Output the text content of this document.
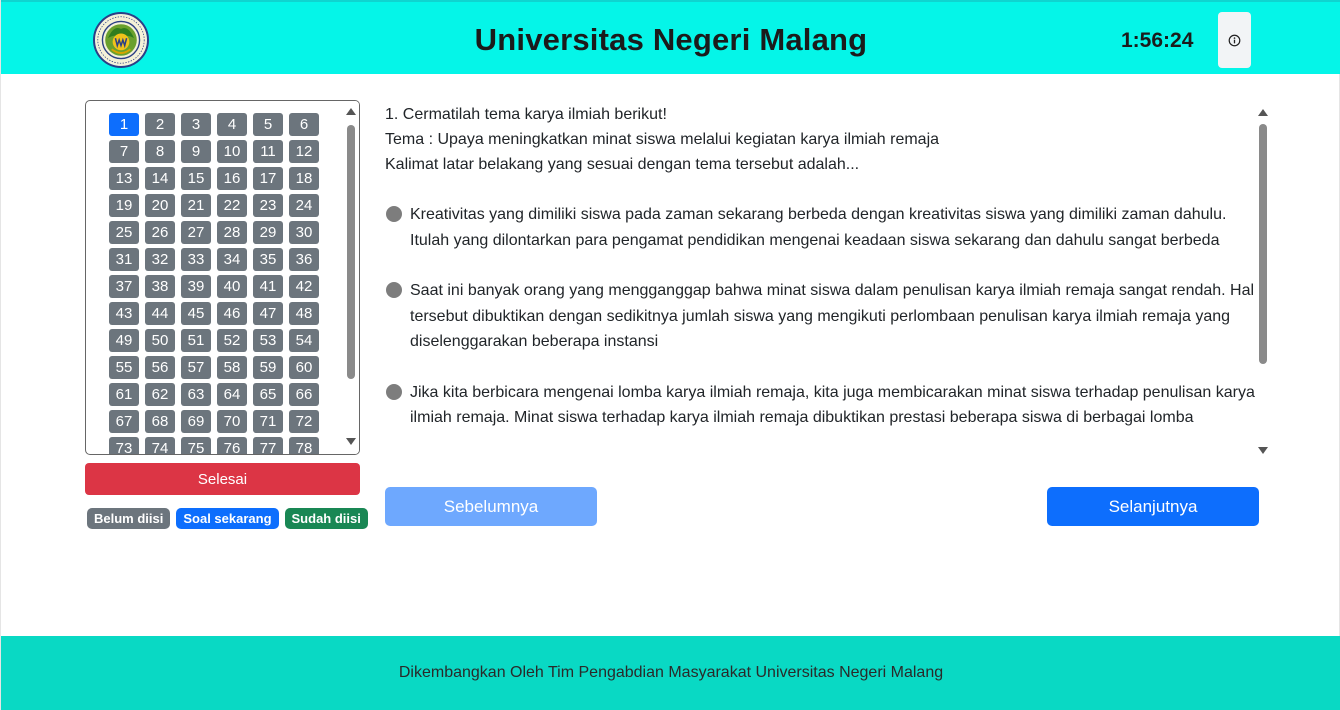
Universitas Negeri Malang	1:56:24
1	2	3	4	5	6
7	8	9	10	11	12
13	14	15	16	17	18
19	20	21	22	23	24
25	26	27	28	29	30
31	32	33	34	35	36
37	38	39	40	41	42
43	44	45	46	47	48
49	50	51	52	53	54
55	56	57	58	59	60
61	62	63	64	65	66
67	68	69	70	71	72
73	74	75	76	77	78
Selesai
Belum diisi	Soal sekarang	Sudah diisi
1. Cermatilah tema karya ilmiah berikut!
Tema : Upaya meningkatkan minat siswa melalui kegiatan karya ilmiah remaja
Kalimat latar belakang yang sesuai dengan tema tersebut adalah...
Kreativitas yang dimiliki siswa pada zaman sekarang berbeda dengan kreativitas siswa yang dimiliki zaman dahulu. Itulah yang dilontarkan para pengamat pendidikan mengenai keadaan siswa sekarang dan dahulu sangat berbeda
Saat ini banyak orang yang mengganggap bahwa minat siswa dalam penulisan karya ilmiah remaja sangat rendah. Hal tersebut dibuktikan dengan sedikitnya jumlah siswa yang mengikuti perlombaan penulisan karya ilmiah remaja yang diselenggarakan beberapa instansi
Jika kita berbicara mengenai lomba karya ilmiah remaja, kita juga membicarakan minat siswa terhadap penulisan karya ilmiah remaja. Minat siswa terhadap karya ilmiah remaja dibuktikan prestasi beberapa siswa di berbagai lomba
Sebelumnya	Selanjutnya
Dikembangkan Oleh Tim Pengabdian Masyarakat Universitas Negeri Malang
